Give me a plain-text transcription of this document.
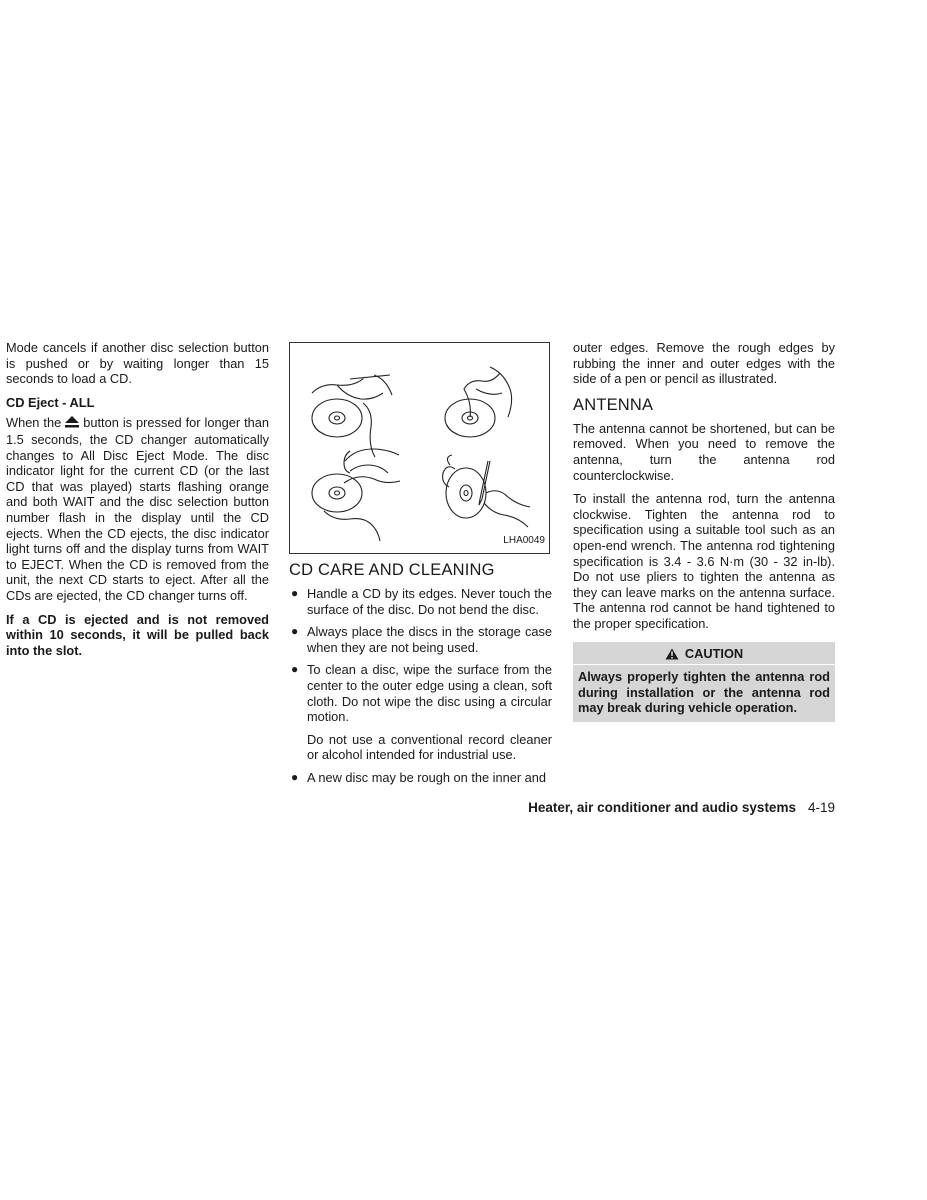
Mode cancels if another disc selection button is pushed or by waiting longer than 15 seconds to load a CD.

CD Eject - ALL

When the button is pressed for longer than 1.5 seconds, the CD changer automatically changes to All Disc Eject Mode. The disc indicator light for the current CD (or the last CD that was played) starts flashing orange and both WAIT and the disc selection button number flash in the display until the CD ejects. When the CD ejects, the disc indicator light turns off and the display turns from WAIT to EJECT. When the CD is removed from the unit, the next CD starts to eject. After all the CDs are ejected, the CD changer turns off.

If a CD is ejected and is not removed within 10 seconds, it will be pulled back into the slot.

LHA0049
CD CARE AND CLEANING
● Handle a CD by its edges. Never touch the surface of the disc. Do not bend the disc.
● Always place the discs in the storage case when they are not being used.
● To clean a disc, wipe the surface from the center to the outer edge using a clean, soft cloth. Do not wipe the disc using a circular motion.

Do not use a conventional record cleaner or alcohol intended for industrial use.

● A new disc may be rough on the inner and

outer edges. Remove the rough edges by rubbing the inner and outer edges with the side of a pen or pencil as illustrated.

ANTENNA

The antenna cannot be shortened, but can be removed. When you need to remove the antenna, turn the antenna rod counterclockwise.

To install the antenna rod, turn the antenna clockwise. Tighten the antenna rod to specification using a suitable tool such as an open-end wrench. The antenna rod tightening specification is 3.4 - 3.6 N·m (30 - 32 in-lb). Do not use pliers to tighten the antenna as they can leave marks on the antenna surface. The antenna rod cannot be hand tightened to the proper specification.

CAUTION
Always properly tighten the antenna rod during installation or the antenna rod may break during vehicle operation.
Heater, air conditioner and audio systems 4-19
